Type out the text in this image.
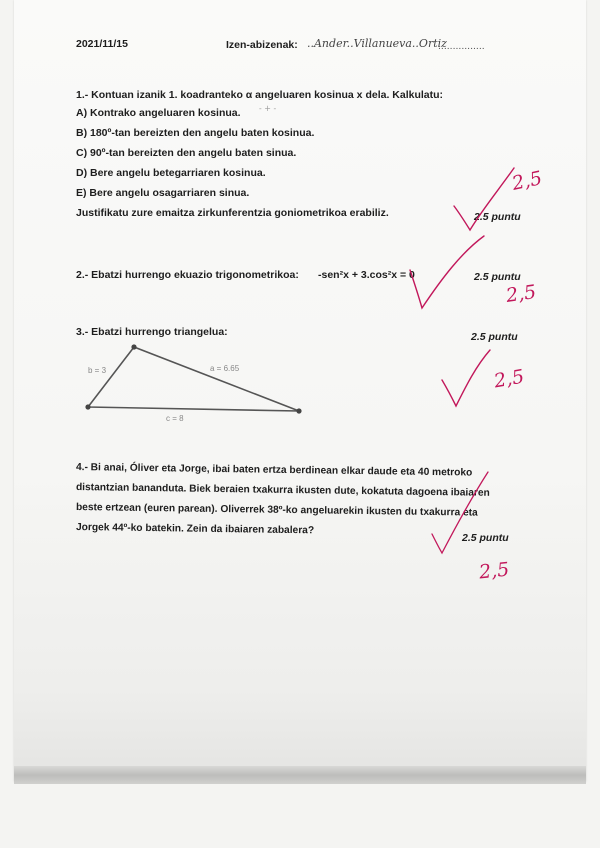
2021/11/15	Izen-abizenak: ..Ander..Villanueva..Ortiz
................
1.- Kontuan izanik 1. koadranteko α angeluaren kosinua x dela. Kalkulatu:
A) Kontrako angeluaren kosinua. - + -
B) 180º-tan bereizten den angelu baten kosinua.
C) 90º-tan bereizten den angelu baten sinua.
D) Bere angelu betegarriaren kosinua.
E) Bere angelu osagarriaren sinua.
Justifikatu zure emaitza zirkunferentzia goniometrikoa erabiliz.	2.5 puntu
2,5
2.- Ebatzi hurrengo ekuazio trigonometrikoa: -sen²x + 3.cos²x = 0	2.5 puntu
2,5
3.- Ebatzi hurrengo triangelua:	2.5 puntu
2,5
b = 3	a = 6.65
c = 8
4.- Bi anai, Óliver eta Jorge, ibai baten ertza berdinean elkar daude eta 40 metroko
distantzian bananduta. Biek beraien txakurra ikusten dute, kokatuta dagoena ibaiaren
beste ertzean (euren parean). Oliverrek 38º-ko angeluarekin ikusten du txakurra eta
Jorgek 44º-ko batekin. Zein da ibaiaren zabalera?
2.5 puntu
2,5
